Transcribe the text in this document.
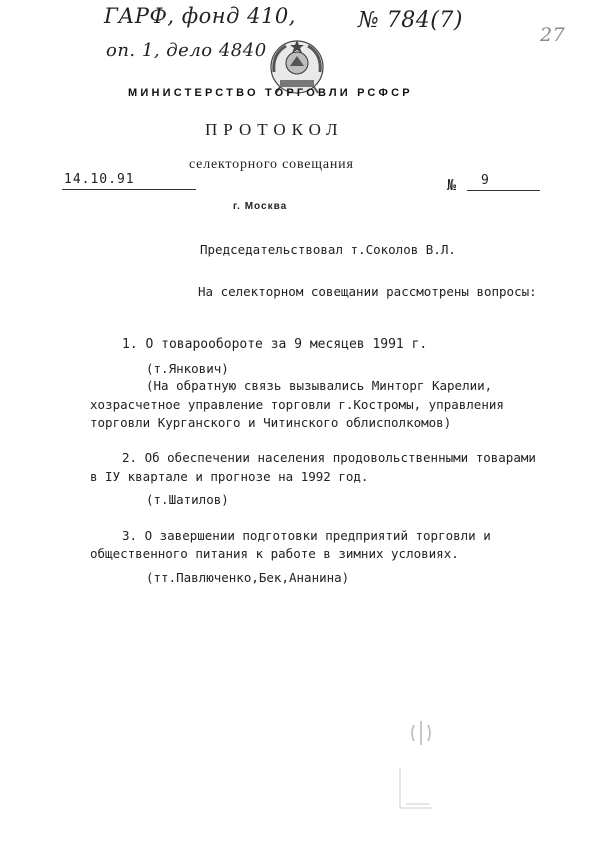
ГАРФ, фонд 410,
оп. 1, дело 4840
№ 784(7)
27
МИНИСТЕРСТВО ТОРГОВЛИ РСФСР
ПРОТОКОЛ
селекторного совещания
14.10.91	№ 9
г. Москва
Председательствовал т.Соколов В.Л.
На селекторном совещании рассмотрены вопросы:
1. О товарообороте за 9 месяцев 1991 г.
(т.Янкович)
(На обратную связь вызывались Минторг Карелии,
хозрасчетное управление торговли г.Костромы, управления
торговли Курганского и Читинского облисполкомов)
2. Об обеспечении населения продовольственными товарами
в IУ квартале и прогнозе на 1992 год.
(т.Шатилов)
3. О завершении подготовки предприятий торговли и
общественного питания к работе в зимних условиях.
(тт.Павлюченко,Бек,Ананина)
